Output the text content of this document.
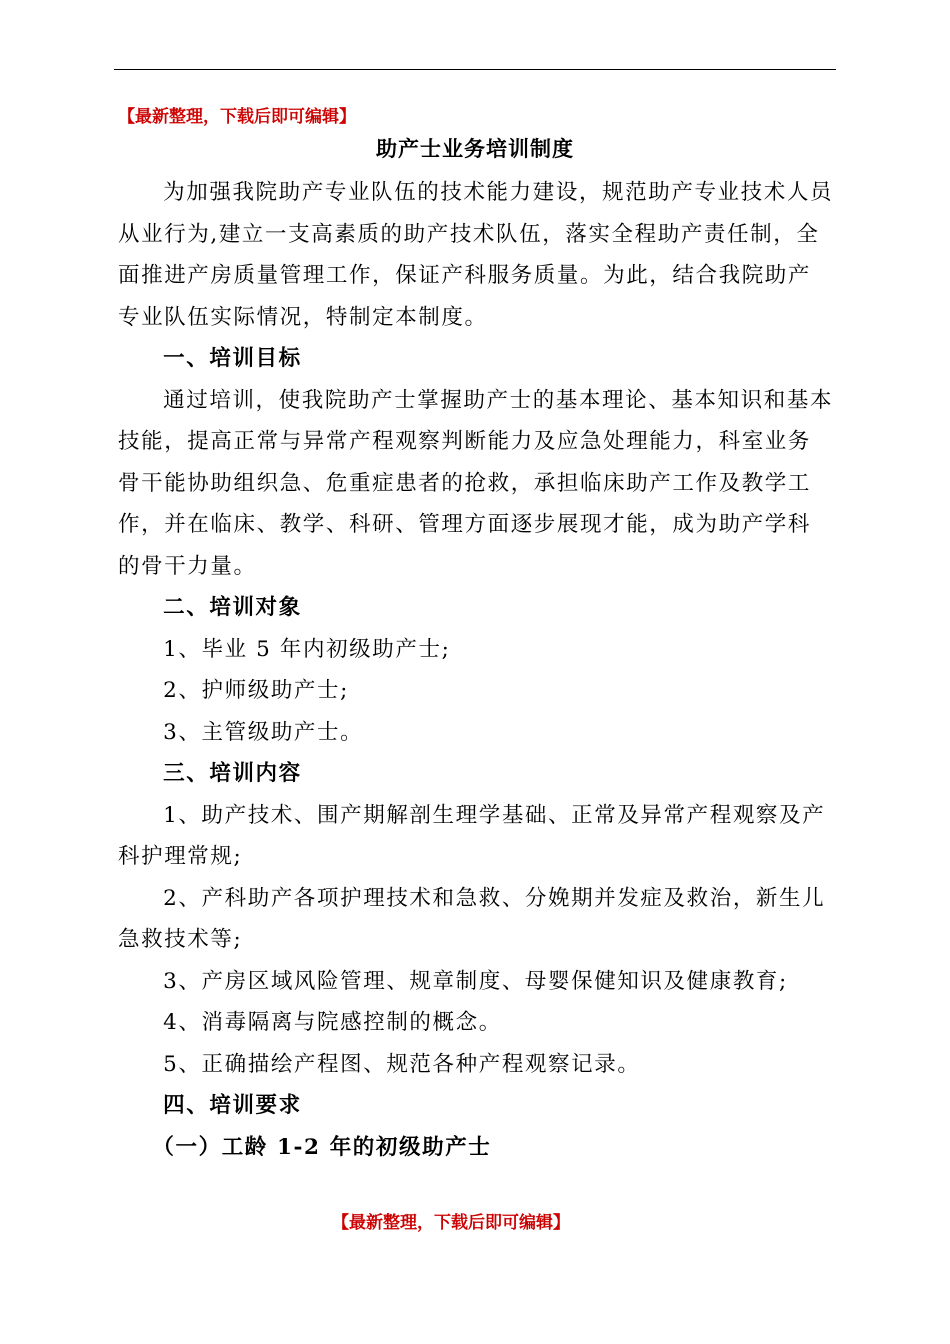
【最新整理，下载后即可编辑】
助产士业务培训制度

为加强我院助产专业队伍的技术能力建设，规范助产专业技术人员从业行为,建立一支高素质的助产技术队伍，落实全程助产责任制，全面推进产房质量管理工作，保证产科服务质量。为此，结合我院助产专业队伍实际情况，特制定本制度。

一、培训目标

通过培训，使我院助产士掌握助产士的基本理论、基本知识和基本技能，提高正常与异常产程观察判断能力及应急处理能力，科室业务骨干能协助组织急、危重症患者的抢救，承担临床助产工作及教学工作，并在临床、教学、科研、管理方面逐步展现才能，成为助产学科的骨干力量。

二、培训对象

1、毕业 5 年内初级助产士;

2、护师级助产士;

3、主管级助产士。

三、培训内容

1、助产技术、围产期解剖生理学基础、正常及异常产程观察及产科护理常规;

2、产科助产各项护理技术和急救、分娩期并发症及救治，新生儿急救技术等;

3、产房区域风险管理、规章制度、母婴保健知识及健康教育;

4、消毒隔离与院感控制的概念。

5、正确描绘产程图、规范各种产程观察记录。

四、培训要求

（一）工龄 1-2 年的初级助产士

【最新整理，下载后即可编辑】
